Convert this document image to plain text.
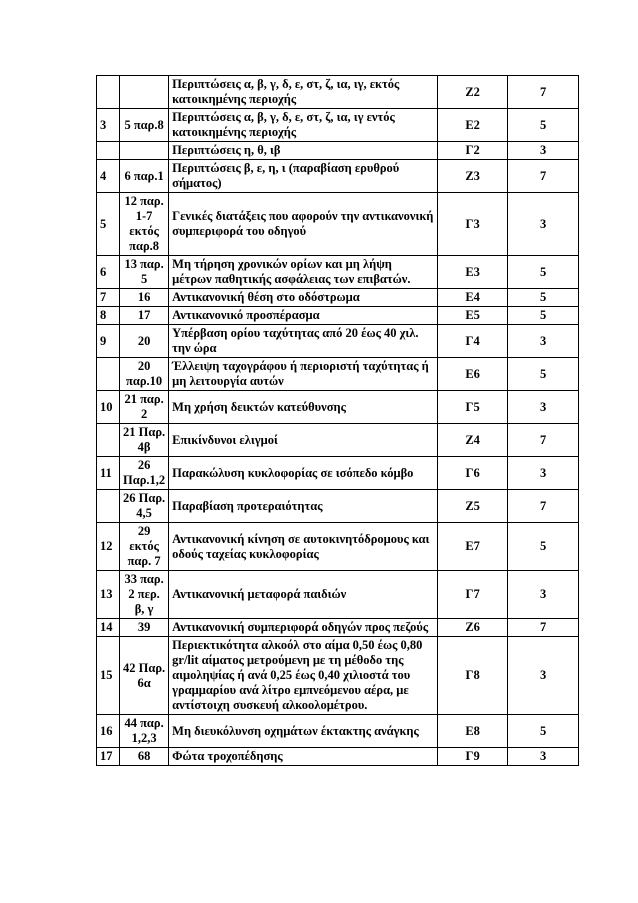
		Περιπτώσεις α, β, γ, δ, ε, στ, ζ, ια, ιγ, εκτός κατοικημένης περιοχής	Ζ2	7
3	5 παρ.8	Περιπτώσεις α, β, γ, δ, ε, στ, ζ, ια, ιγ εντός κατοικημένης περιοχής	Ε2	5
		Περιπτώσεις η, θ, ιβ	Γ2	3
4	6 παρ.1	Περιπτώσεις β, ε, η, ι (παραβίαση ερυθρού σήματος)	Ζ3	7
5	12 παρ. 1-7 εκτός παρ.8	Γενικές διατάξεις που αφορούν την αντικανονική συμπεριφορά του οδηγού	Γ3	3
6	13 παρ. 5	Μη τήρηση χρονικών ορίων και μη λήψη μέτρων παθητικής ασφάλειας των επιβατών.	Ε3	5
7	16	Αντικανονική θέση στο οδόστρωμα	Ε4	5
8	17	Αντικανονικό προσπέρασμα	Ε5	5
9	20	Υπέρβαση ορίου ταχύτητας από 20 έως 40 χιλ. την ώρα	Γ4	3
	20 παρ.10	Έλλειψη ταχογράφου ή περιοριστή ταχύτητας ή μη λειτουργία αυτών	Ε6	5
10	21 παρ. 2	Μη χρήση δεικτών κατεύθυνσης	Γ5	3
	21 Παρ. 4β	Επικίνδυνοι ελιγμοί	Ζ4	7
11	26 Παρ.1,2	Παρακώλυση κυκλοφορίας σε ισόπεδο κόμβο	Γ6	3
	26 Παρ. 4,5	Παραβίαση προτεραιότητας	Ζ5	7
12	29 εκτός παρ. 7	Αντικανονική κίνηση σε αυτοκινητόδρομους και οδούς ταχείας κυκλοφορίας	Ε7	5
13	33 παρ. 2 περ. β, γ	Αντικανονική μεταφορά παιδιών	Γ7	3
14	39	Αντικανονική συμπεριφορά οδηγών προς πεζούς	Ζ6	7
15	42 Παρ. 6α	Περιεκτικότητα αλκοόλ στο αίμα 0,50 έως 0,80 gr/lit αίματος μετρούμενη με τη μέθοδο της αιμοληψίας ή ανά 0,25 έως 0,40 χιλιοστά του γραμμαρίου ανά λίτρο εμπνεόμενου αέρα, με αντίστοιχη συσκευή αλκοολομέτρου.	Γ8	3
16	44 παρ. 1,2,3	Μη διευκόλυνση οχημάτων έκτακτης ανάγκης	Ε8	5
17	68	Φώτα τροχοπέδησης	Γ9	3
